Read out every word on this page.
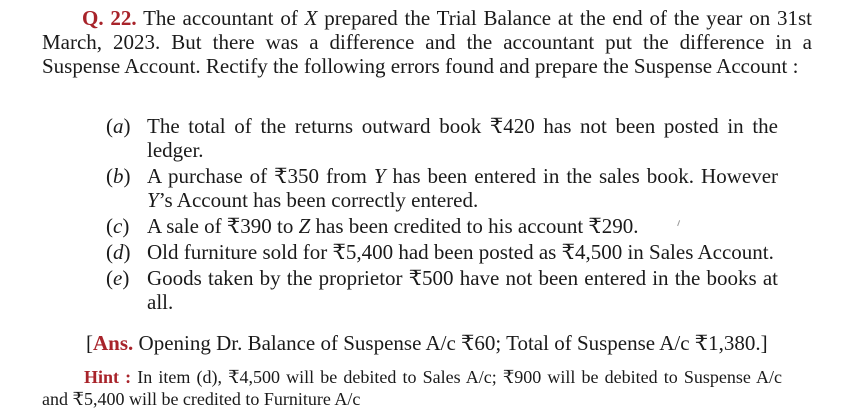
Q. 22. The accountant of X prepared the Trial Balance at the end of the year on 31st March, 2023. But there was a difference and the accountant put the difference in a Suspense Account. Rectify the following errors found and prepare the Suspense Account :

(a) The total of the returns outward book ₹420 has not been posted in the ledger.
(b) A purchase of ₹350 from Y has been entered in the sales book. However Y’s Account has been correctly entered.
(c) A sale of ₹390 to Z has been credited to his account ₹290.
(d) Old furniture sold for ₹5,400 had been posted as ₹4,500 in Sales Account.
(e) Goods taken by the proprietor ₹500 have not been entered in the books at all.
[Ans. Opening Dr. Balance of Suspense A/c ₹60; Total of Suspense A/c ₹1,380.]

Hint : In item (d), ₹4,500 will be debited to Sales A/c; ₹900 will be debited to Suspense A/c and ₹5,400 will be credited to Furniture A/c
